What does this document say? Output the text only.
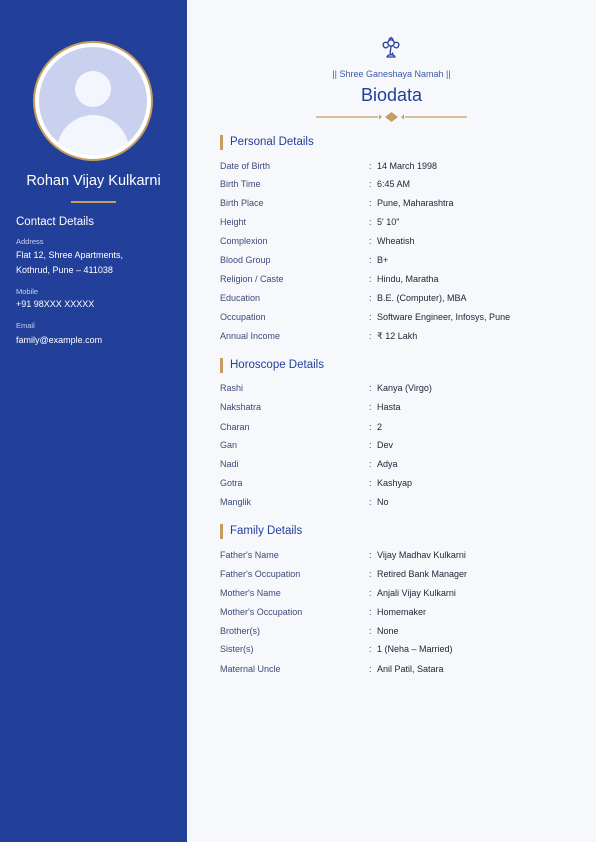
Rohan Vijay Kulkarni
Contact Details
Address
Flat 12, Shree Apartments,
Kothrud, Pune – 411038
Mobile
+91 98XXX XXXXX
Email
family@example.com
|| Shree Ganeshaya Namah ||
Biodata
Personal Details
Date of Birth	: 14 March 1998
Birth Time	: 6:45 AM
Birth Place	: Pune, Maharashtra
Height	: 5' 10"
Complexion	: Wheatish
Blood Group	: B+
Religion / Caste	: Hindu, Maratha
Education	: B.E. (Computer), MBA
Occupation	: Software Engineer, Infosys, Pune
Annual Income	: ₹ 12 Lakh
Horoscope Details
Rashi	: Kanya (Virgo)
Nakshatra	: Hasta
Charan	: 2
Gan	: Dev
Nadi	: Adya
Gotra	: Kashyap
Manglik	: No
Family Details
Father's Name	: Vijay Madhav Kulkarni
Father's Occupation	: Retired Bank Manager
Mother's Name	: Anjali Vijay Kulkarni
Mother's Occupation	: Homemaker
Brother(s)	: None
Sister(s)	: 1 (Neha – Married)
Maternal Uncle	: Anil Patil, Satara
